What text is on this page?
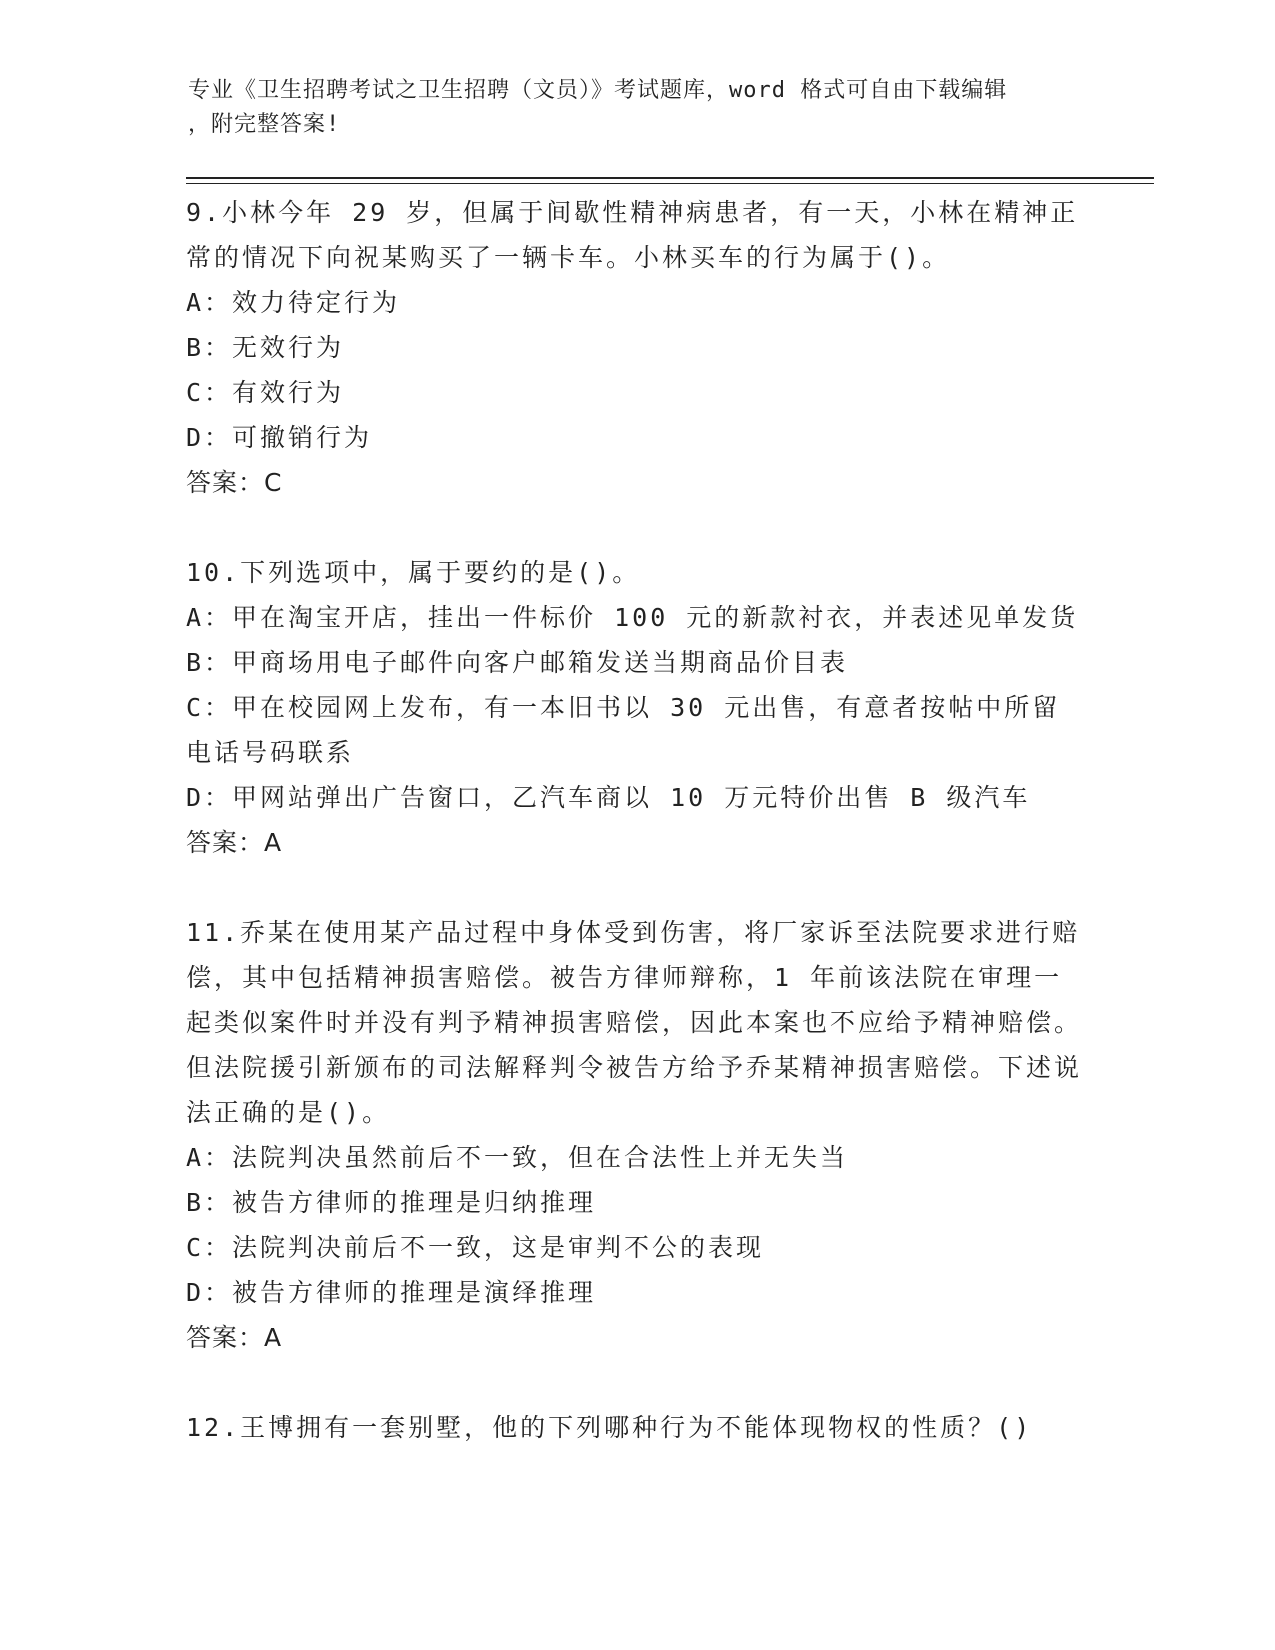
专业《卫生招聘考试之卫生招聘（文员）》考试题库，word 格式可自由下载编辑
，附完整答案!

9.小林今年 29 岁，但属于间歇性精神病患者，有一天，小林在精神正常的情况下向祝某购买了一辆卡车。小林买车的行为属于()。

A：效力待定行为

B：无效行为

C：有效行为

D：可撤销行为

答案：C

10.下列选项中，属于要约的是()。

A：甲在淘宝开店，挂出一件标价 100 元的新款衬衣，并表述见单发货

B：甲商场用电子邮件向客户邮箱发送当期商品价目表

C：甲在校园网上发布，有一本旧书以 30 元出售，有意者按帖中所留电话号码联系

D：甲网站弹出广告窗口，乙汽车商以 10 万元特价出售 B 级汽车

答案：A

11.乔某在使用某产品过程中身体受到伤害，将厂家诉至法院要求进行赔偿，其中包括精神损害赔偿。被告方律师辩称，1 年前该法院在审理一起类似案件时并没有判予精神损害赔偿，因此本案也不应给予精神赔偿。但法院援引新颁布的司法解释判令被告方给予乔某精神损害赔偿。下述说法正确的是()。

A：法院判决虽然前后不一致，但在合法性上并无失当

B：被告方律师的推理是归纳推理

C：法院判决前后不一致，这是审判不公的表现

D：被告方律师的推理是演绎推理

答案：A

12.王博拥有一套别墅，他的下列哪种行为不能体现物权的性质？()
